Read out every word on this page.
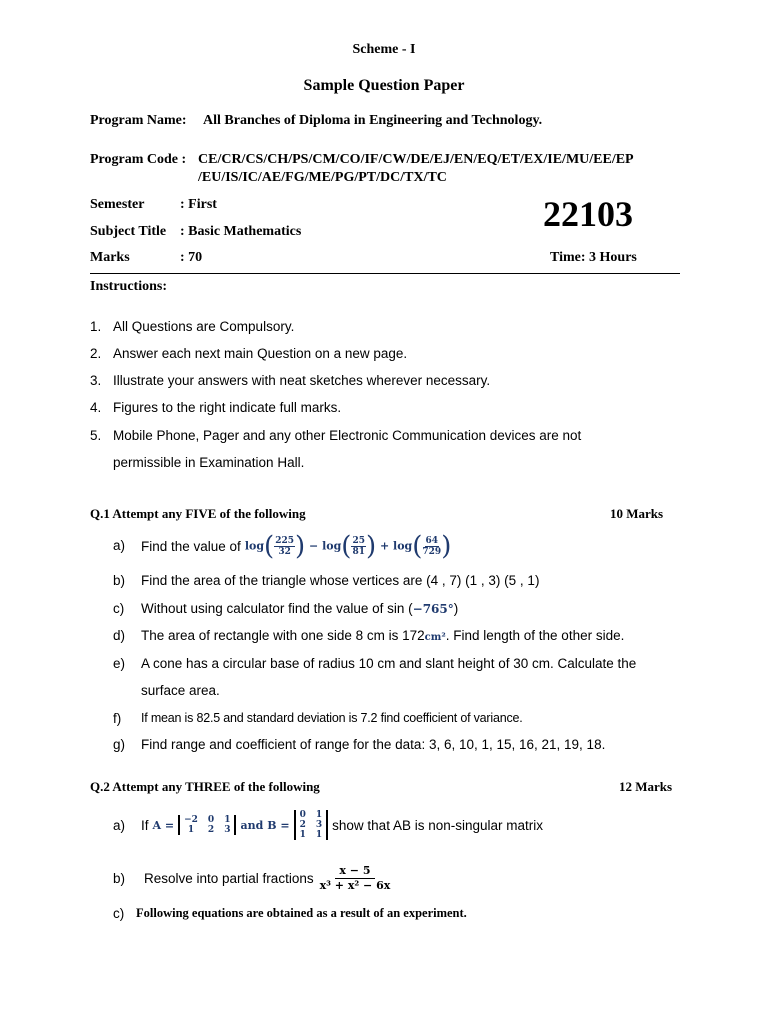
Scheme - I
Sample Question Paper
Program Name: All Branches of Diploma in Engineering and Technology.
Program Code : CE/CR/CS/CH/PS/CM/CO/IF/CW/DE/EJ/EN/EQ/ET/EX/IE/MU/EE/EP
/EU/IS/IC/AE/FG/ME/PG/PT/DC/TX/TC
Semester	: First
Subject Title : Basic Mathematics
Marks	: 70
22103
Time: 3 Hours
Instructions:
1. All Questions are Compulsory.
2. Answer each next main Question on a new page.
3. Illustrate your answers with neat sketches wherever necessary.
4. Figures to the right indicate full marks.
5. Mobile Phone, Pager and any other Electronic Communication devices are not
permissible in Examination Hall.
Q.1 Attempt any FIVE of the following	10 Marks
a) Find the value of $\log( \frac{225}{32}$ ) − $\log( \frac{25}{81}$ ) + $\log( \frac{64}{729}$ )
b) Find the area of the triangle whose vertices are (4 , 7) (1 , 3) (5 , 1)
c) Without using calculator find the value of sin (−765°)
d) The area of rectangle with one side 8 cm is 172cm². Find length of the other side.
e) A cone has a circular base of radius 10 cm and slant height of 30 cm. Calculate the
surface area.
f) If mean is 82.5 and standard deviation is 7.2 find coefficient of variance.
g) Find range and coefficient of range for the data: 3, 6, 10, 1, 15, 16, 21, 19, 18.
Q.2 Attempt any THREE of the following	12 Marks
a) If A = −2 0 1
1	2 3 and B =
0 1
2 3
1 1
show that AB is non-singular matrix
b) Resolve into partial fractions $\frac{x - 5}{\text{x³ + x² − 6x}}$
c) Following equations are obtained as a result of an experiment.
